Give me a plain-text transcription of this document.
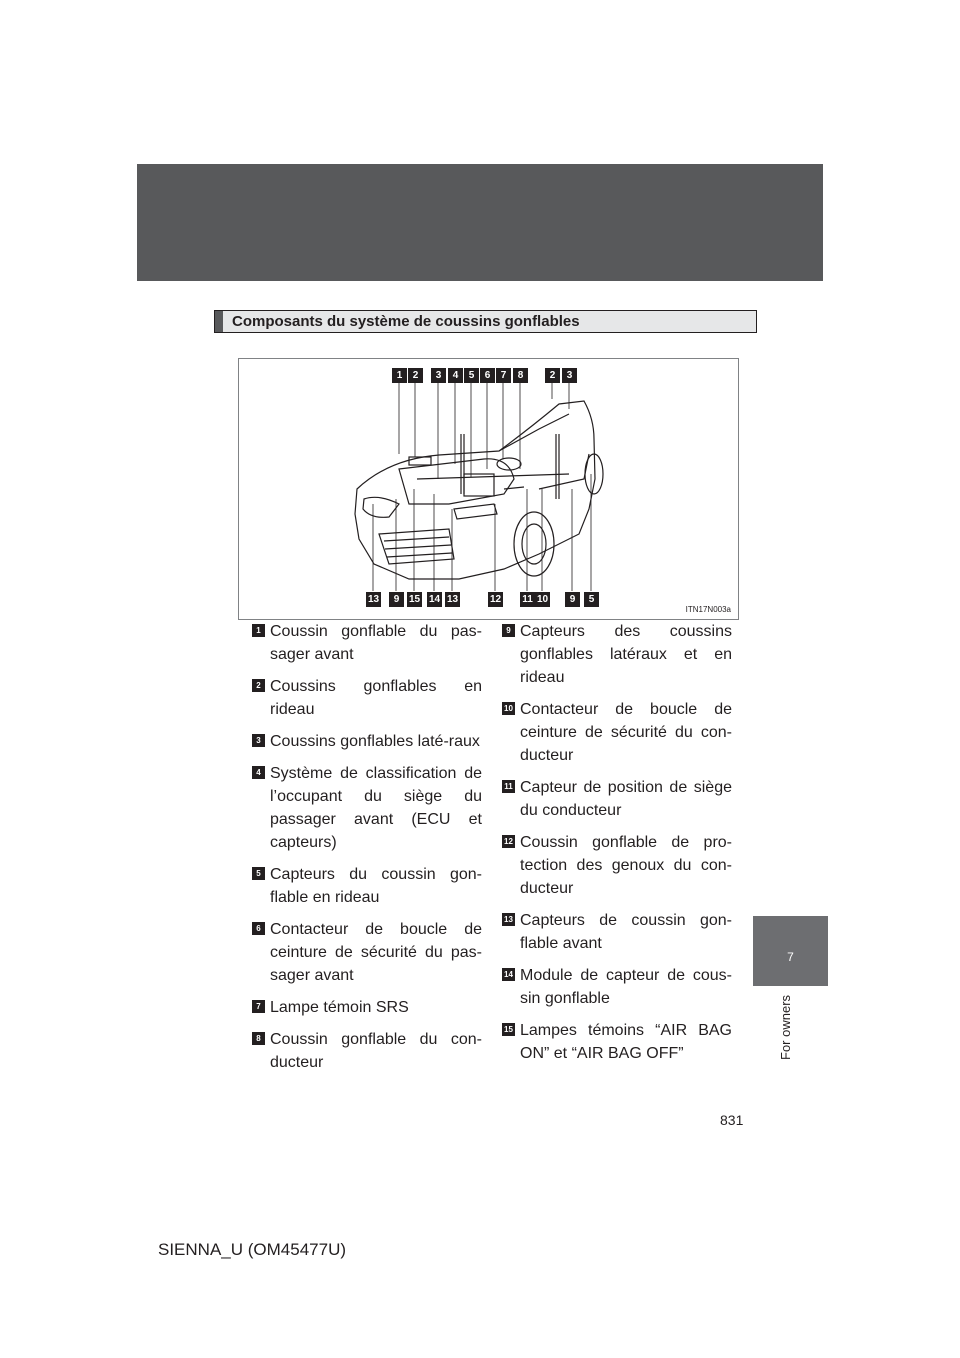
7
For owners
Composants du système de coussins gonflables
1	2	3	4	5	6	7	8	2	3
13	9 15 14 13	12 11 10	9	5
ITN17N003a
1 Coussin gonflable du pas-sager avant
2 Coussins gonflables en rideau
3 Coussins gonflables laté-raux
4 Système de classification de l’occupant du siège du passager avant (ECU et capteurs)
5 Capteurs du coussin gon-flable en rideau
6 Contacteur de boucle de ceinture de sécurité du pas-sager avant
7 Lampe témoin SRS
8 Coussin gonflable du con-ducteur
9 Capteurs des coussins gonflables latéraux et en rideau
10 Contacteur de boucle de ceinture de sécurité du con-ducteur
11 Capteur de position de siège du conducteur
12 Coussin gonflable de pro-tection des genoux du con-ducteur
13 Capteurs de coussin gon-flable avant
14 Module de capteur de cous-sin gonflable
15 Lampes témoins “AIR BAG ON” et “AIR BAG OFF”
831
SIENNA_U (OM45477U)
